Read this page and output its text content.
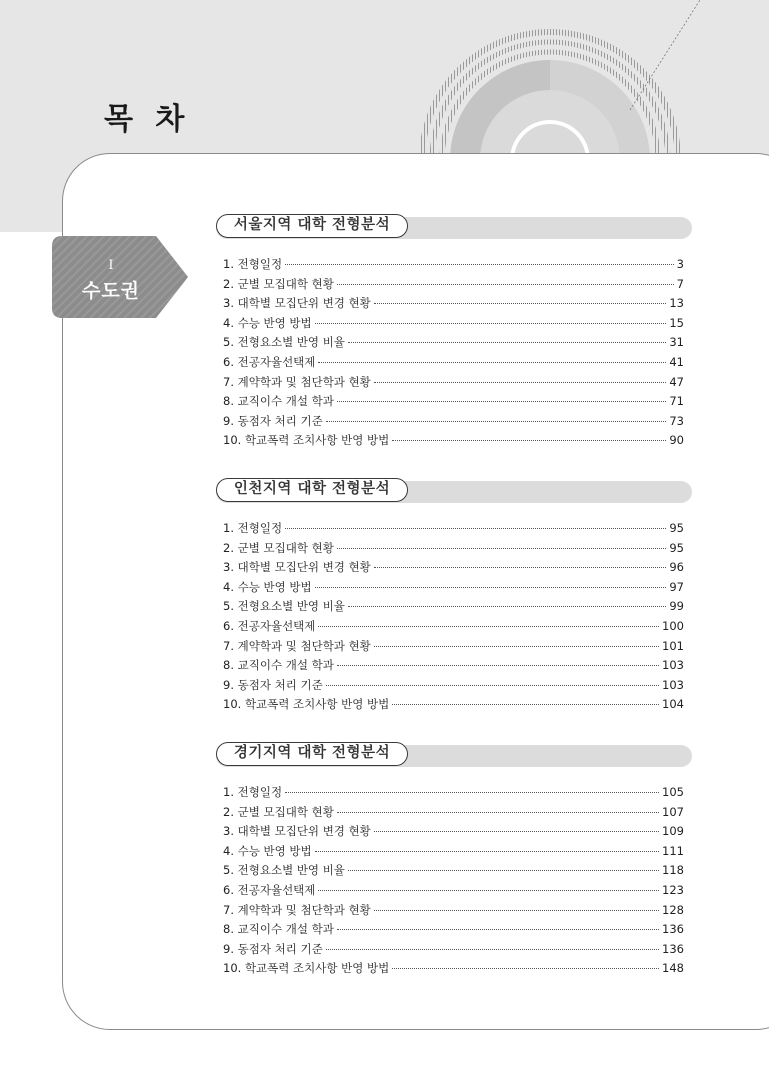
목 차
I
수도권
서울지역 대학 전형분석
1. 전형일정	3
2. 군별 모집대학 현황	7
3. 대학별 모집단위 변경 현황	13
4. 수능 반영 방법	15
5. 전형요소별 반영 비율	31
6. 전공자율선택제	41
7. 계약학과 및 첨단학과 현황	47
8. 교직이수 개설 학과	71
9. 동점자 처리 기준	73
10. 학교폭력 조치사항 반영 방법	90
인천지역 대학 전형분석
1. 전형일정	95
2. 군별 모집대학 현황	95
3. 대학별 모집단위 변경 현황	96
4. 수능 반영 방법	97
5. 전형요소별 반영 비율	99
6. 전공자율선택제	100
7. 계약학과 및 첨단학과 현황	101
8. 교직이수 개설 학과	103
9. 동점자 처리 기준	103
10. 학교폭력 조치사항 반영 방법	104
경기지역 대학 전형분석
1. 전형일정	105
2. 군별 모집대학 현황	107
3. 대학별 모집단위 변경 현황	109
4. 수능 반영 방법	111
5. 전형요소별 반영 비율	118
6. 전공자율선택제	123
7. 계약학과 및 첨단학과 현황	128
8. 교직이수 개설 학과	136
9. 동점자 처리 기준	136
10. 학교폭력 조치사항 반영 방법	148
